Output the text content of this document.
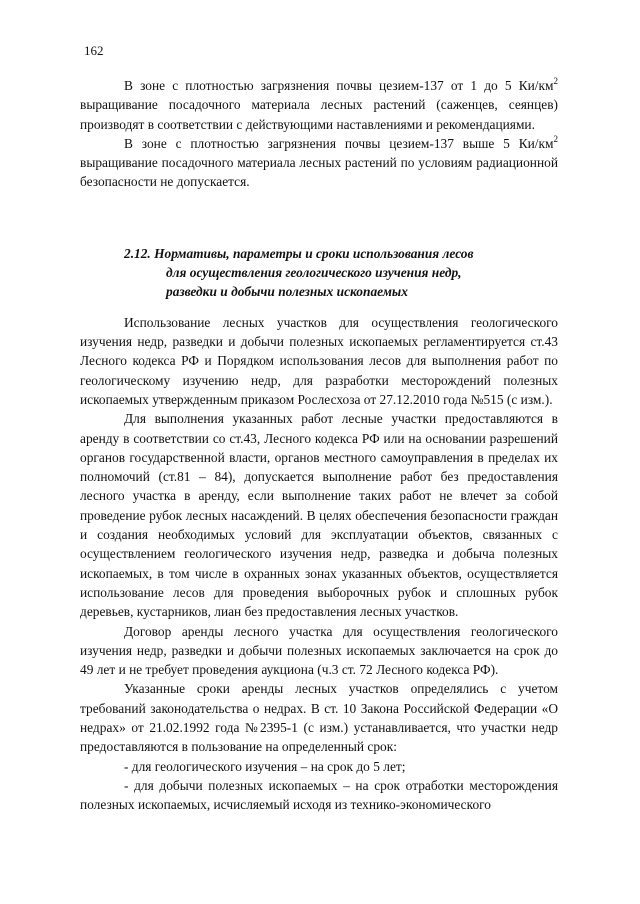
162

В зоне с плотностью загрязнения почвы цезием-137 от 1 до 5 $Ки/км^2$ выращивание посадочного материала лесных растений (саженцев, сеянцев) производят в соответствии с действующими наставлениями и рекомендациями.

В зоне с плотностью загрязнения почвы цезием-137 выше 5 $Ки/км^2$ выращивание посадочного материала лесных растений по условиям радиационной безопасности не допускается.

2.12. Нормативы, параметры и сроки использования лесов
для осуществления геологического изучения недр,
разведки и добычи полезных ископаемых

Использование лесных участков для осуществления геологического изучения недр, разведки и добычи полезных ископаемых регламентируется ст.43 Лесного кодекса РФ и Порядком использования лесов для выполнения работ по геологическому изучению недр, для разработки месторождений полезных ископаемых утвержденным приказом Рослесхоза от 27.12.2010 года №515 (с изм.).

Для выполнения указанных работ лесные участки предоставляются в аренду в соответствии со ст.43, Лесного кодекса РФ или на основании разрешений органов государственной власти, органов местного самоуправления в пределах их полномочий (ст.81 – 84), допускается выполнение работ без предоставления лесного участка в аренду, если выполнение таких работ не влечет за собой проведение рубок лесных насаждений. В целях обеспечения безопасности граждан и создания необходимых условий для эксплуатации объектов, связанных с осуществлением геологического изучения недр, разведка и добыча полезных ископаемых, в том числе в охранных зонах указанных объектов, осуществляется использование лесов для проведения выборочных рубок и сплошных рубок деревьев, кустарников, лиан без предоставления лесных участков.

Договор аренды лесного участка для осуществления геологического изучения недр, разведки и добычи полезных ископаемых заключается на срок до 49 лет и не требует проведения аукциона (ч.3 ст. 72 Лесного кодекса РФ).

Указанные сроки аренды лесных участков определялись с учетом требований законодательства о недрах. В ст. 10 Закона Российской Федерации «О недрах» от 21.02.1992 года №2395-1 (с изм.) устанавливается, что участки недр предоставляются в пользование на определенный срок:

- для геологического изучения – на срок до 5 лет;

- для добычи полезных ископаемых – на срок отработки месторождения полезных ископаемых, исчисляемый исходя из технико-экономического
